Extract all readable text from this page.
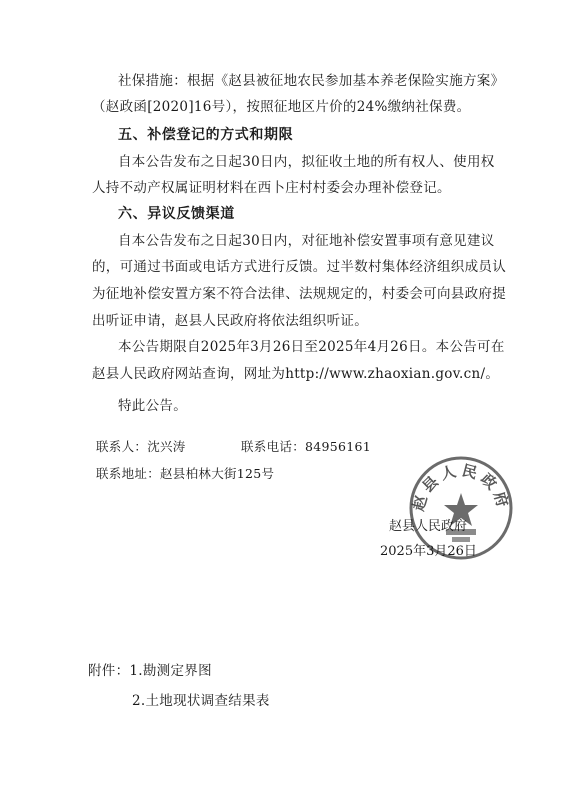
社保措施：根据《赵县被征地农民参加基本养老保险实施方案》
（赵政函[2020]16号），按照征地区片价的24%缴纳社保费。
五、补偿登记的方式和期限
自本公告发布之日起30日内，拟征收土地的所有权人、使用权
人持不动产权属证明材料在西卜庄村村委会办理补偿登记。
六、异议反馈渠道
自本公告发布之日起30日内，对征地补偿安置事项有意见建议
的，可通过书面或电话方式进行反馈。过半数村集体经济组织成员认
为征地补偿安置方案不符合法律、法规规定的，村委会可向县政府提
出听证申请，赵县人民政府将依法组织听证。
本公告期限自2025年3月26日至2025年4月26日。本公告可在
赵县人民政府网站查询，网址为http://www.zhaoxian.gov.cn/。
特此公告。
联系人：沈兴涛	联系电话：84956161
联系地址：赵县柏林大街125号
赵县人民政府
赵县人民政府
2025年3月26日
附件：1.勘测定界图
2.土地现状调查结果表
